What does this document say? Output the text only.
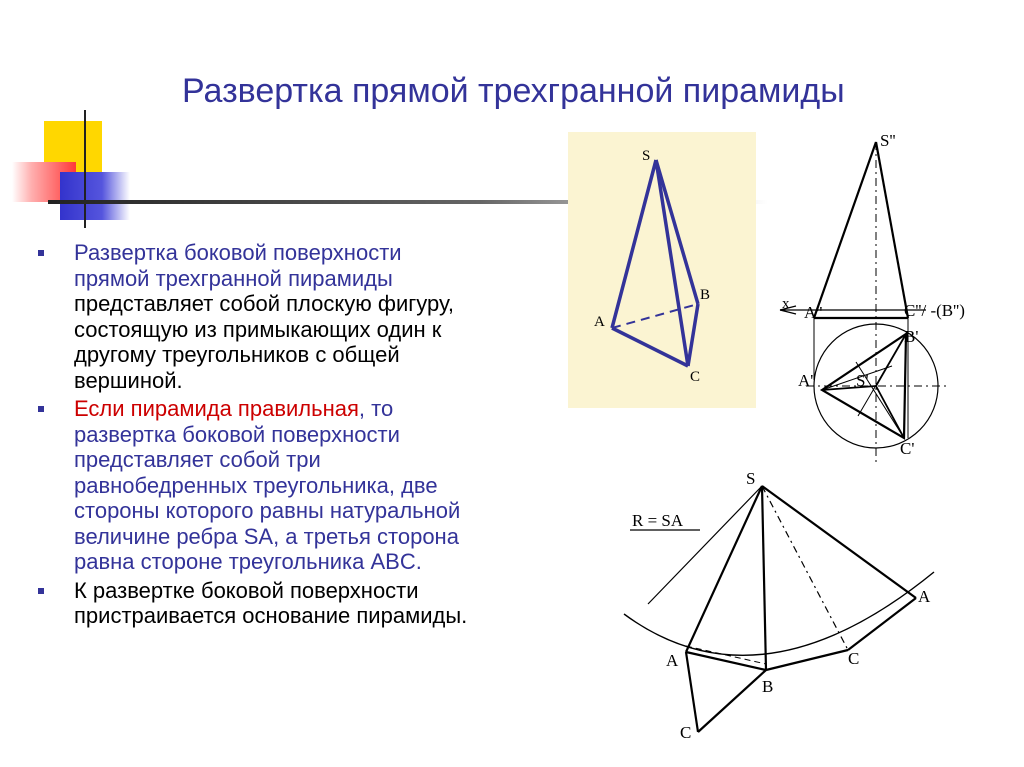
Развертка прямой трехгранной пирамиды
Развертка боковой поверхности прямой трехгранной пирамиды представляет собой плоскую фигуру, состоящую из примыкающих один к другому треугольников с общей вершиной.
Если пирамида правильная, то развертка боковой поверхности представляет собой три равнобедренных треугольника, две стороны которого равны натуральной величине ребра SA, а третья сторона равна стороне треугольника ABC.
К развертке боковой поверхности пристраивается основание пирамиды.
S
A
B
C
S''
x A''	C''/ -(B'')
A'
B'
C'
S'
S
R = SA
A
A
B
C
C
